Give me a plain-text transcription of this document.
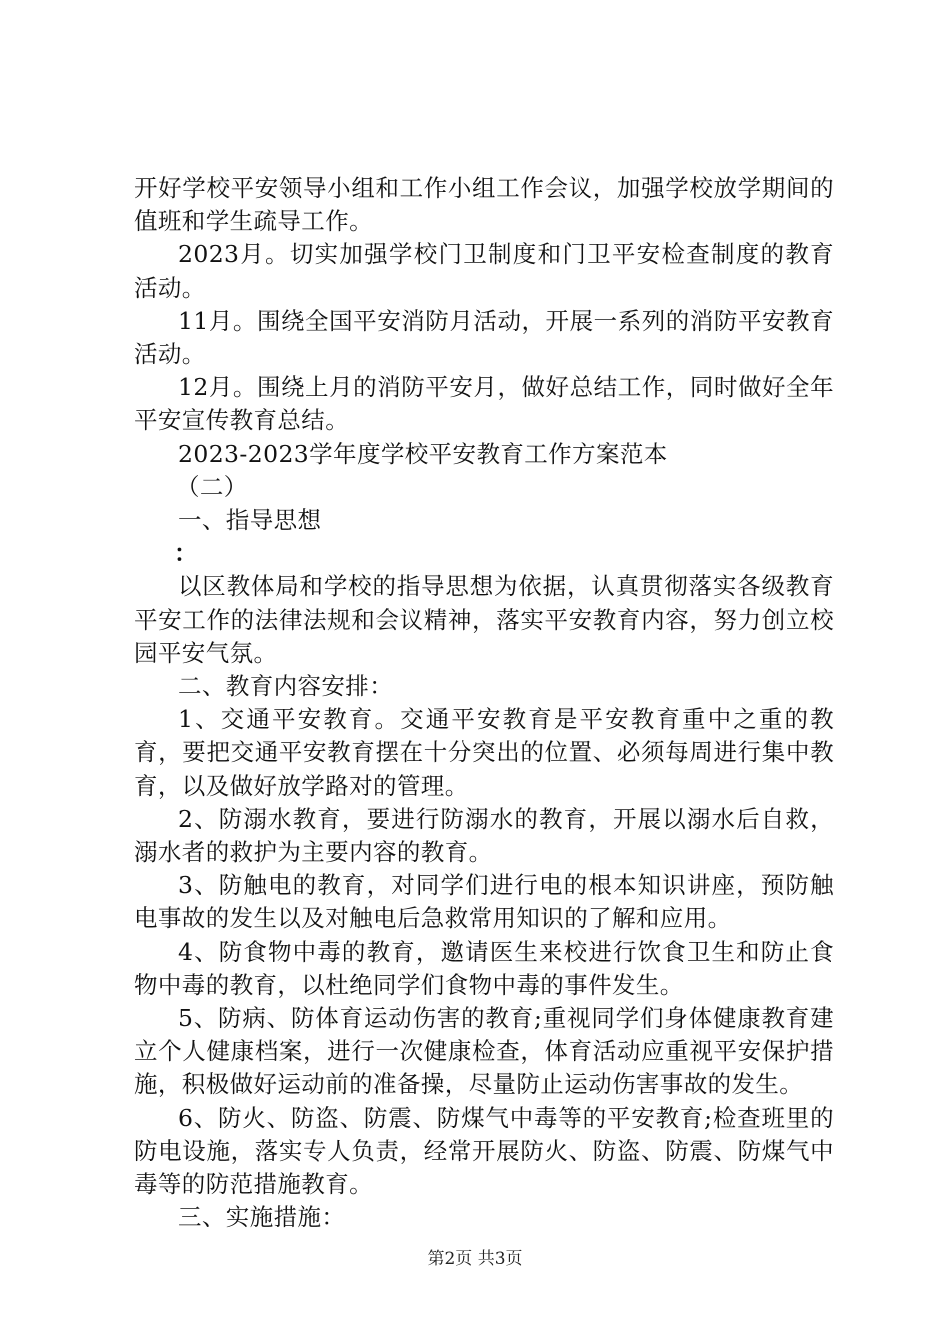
开好学校平安领导小组和工作小组工作会议，加强学校放学期间的值班和学生疏导工作。

2023月。切实加强学校门卫制度和门卫平安检查制度的教育活动。

11月。围绕全国平安消防月活动，开展一系列的消防平安教育活动。

12月。围绕上月的消防平安月，做好总结工作，同时做好全年平安宣传教育总结。

2023-2023学年度学校平安教育工作方案范本

（二）

一、指导思想

：

以区教体局和学校的指导思想为依据，认真贯彻落实各级教育平安工作的法律法规和会议精神，落实平安教育内容，努力创立校园平安气氛。

二、教育内容安排：

1、交通平安教育。交通平安教育是平安教育重中之重的教育，要把交通平安教育摆在十分突出的位置、必须每周进行集中教育，以及做好放学路对的管理。

2、防溺水教育，要进行防溺水的教育，开展以溺水后自救，溺水者的救护为主要内容的教育。

3、防触电的教育，对同学们进行电的根本知识讲座，预防触电事故的发生以及对触电后急救常用知识的了解和应用。

4、防食物中毒的教育，邀请医生来校进行饮食卫生和防止食物中毒的教育，以杜绝同学们食物中毒的事件发生。

5、防病、防体育运动伤害的教育;重视同学们身体健康教育建立个人健康档案，进行一次健康检查，体育活动应重视平安保护措施，积极做好运动前的准备操，尽量防止运动伤害事故的发生。

6、防火、防盗、防震、防煤气中毒等的平安教育;检查班里的防电设施，落实专人负责，经常开展防火、防盗、防震、防煤气中毒等的防范措施教育。

三、实施措施：

第2页 共3页
